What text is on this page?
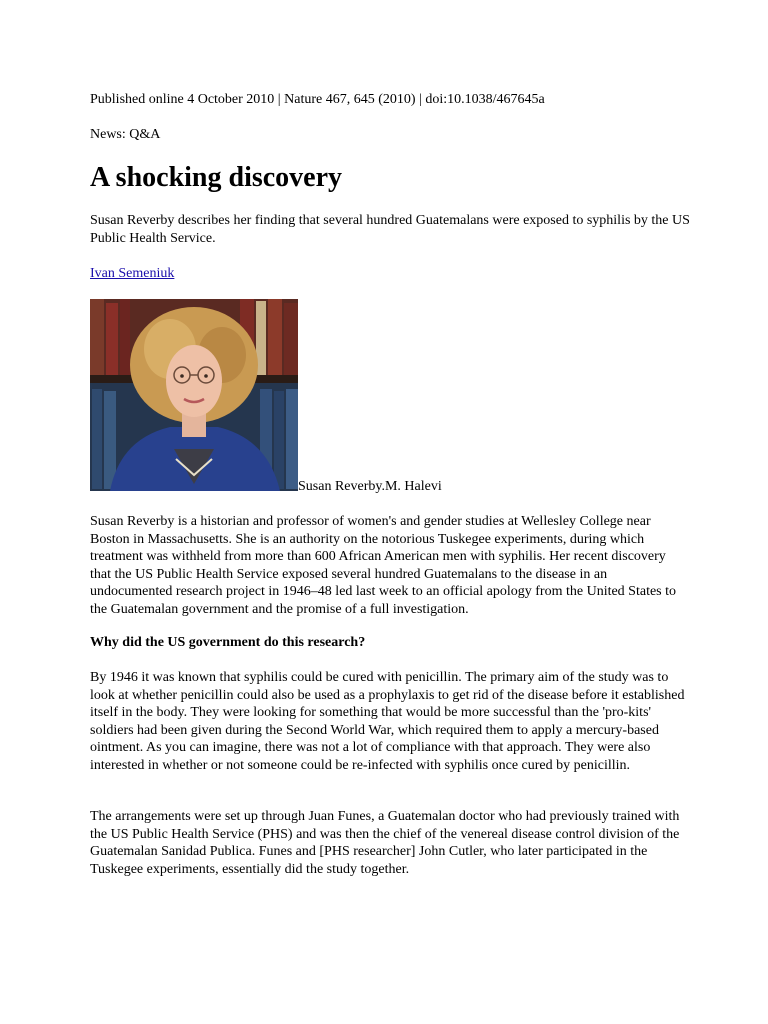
Published online 4 October 2010 | Nature 467, 645 (2010) | doi:10.1038/467645a

News: Q&A

A shocking discovery

Susan Reverby describes her finding that several hundred Guatemalans were exposed to syphilis by the US Public Health Service.

Ivan Semeniuk
Susan Reverby.M. Halevi

Susan Reverby is a historian and professor of women's and gender studies at Wellesley College near Boston in Massachusetts. She is an authority on the notorious Tuskegee experiments, during which treatment was withheld from more than 600 African American men with syphilis. Her recent discovery that the US Public Health Service exposed several hundred Guatemalans to the disease in an undocumented research project in 1946–48 led last week to an official apology from the United States to the Guatemalan government and the promise of a full investigation.

Why did the US government do this research?

By 1946 it was known that syphilis could be cured with penicillin. The primary aim of the study was to look at whether penicillin could also be used as a prophylaxis to get rid of the disease before it established itself in the body. They were looking for something that would be more successful than the 'pro-kits' soldiers had been given during the Second World War, which required them to apply a mercury-based ointment. As you can imagine, there was not a lot of compliance with that approach. They were also interested in whether or not someone could be re-infected with syphilis once cured by penicillin.

The arrangements were set up through Juan Funes, a Guatemalan doctor who had previously trained with the US Public Health Service (PHS) and was then the chief of the venereal disease control division of the Guatemalan Sanidad Publica. Funes and [PHS researcher] John Cutler, who later participated in the Tuskegee experiments, essentially did the study together.
